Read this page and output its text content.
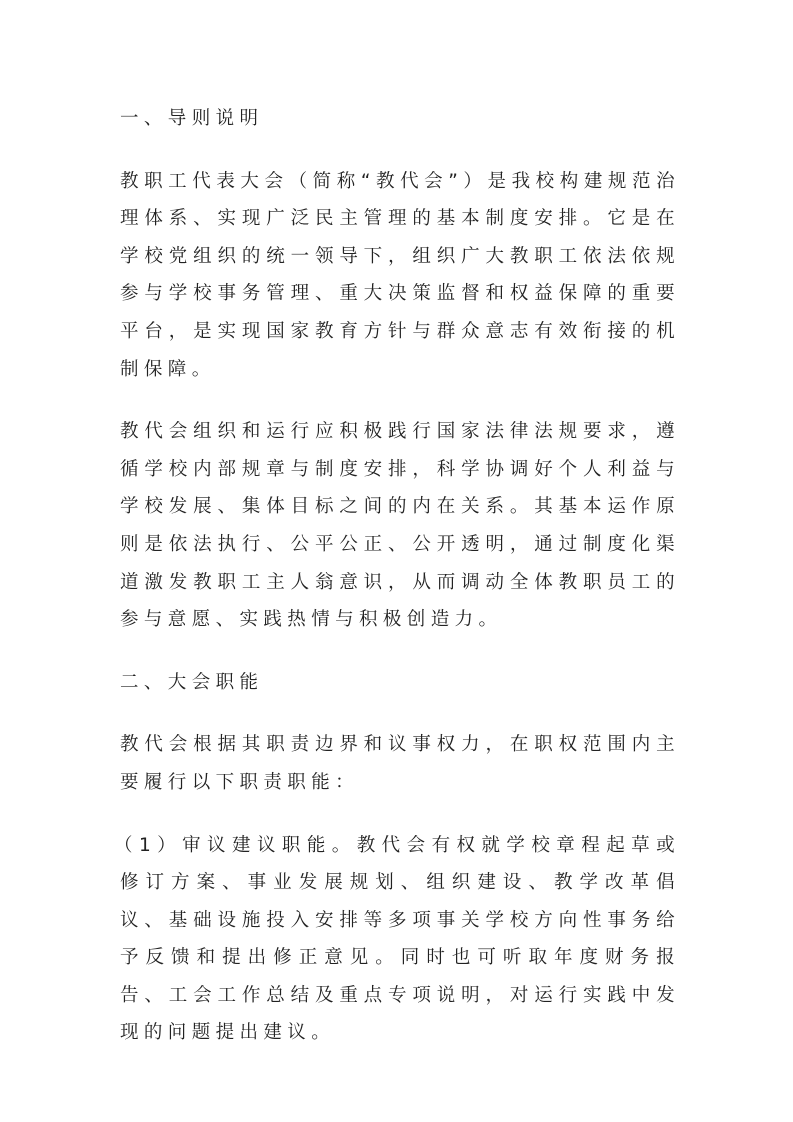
一、导则说明

教职工代表大会（简称“教代会”）是我校构建规范治理体系、实现广泛民主管理的基本制度安排。它是在学校党组织的统一领导下，组织广大教职工依法依规参与学校事务管理、重大决策监督和权益保障的重要平台，是实现国家教育方针与群众意志有效衔接的机制保障。

教代会组织和运行应积极践行国家法律法规要求，遵循学校内部规章与制度安排，科学协调好个人利益与学校发展、集体目标之间的内在关系。其基本运作原则是依法执行、公平公正、公开透明，通过制度化渠道激发教职工主人翁意识，从而调动全体教职员工的参与意愿、实践热情与积极创造力。

二、大会职能

教代会根据其职责边界和议事权力，在职权范围内主要履行以下职责职能：

（1）审议建议职能。教代会有权就学校章程起草或修订方案、事业发展规划、组织建设、教学改革倡议、基础设施投入安排等多项事关学校方向性事务给予反馈和提出修正意见。同时也可听取年度财务报告、工会工作总结及重点专项说明，对运行实践中发现的问题提出建议。
